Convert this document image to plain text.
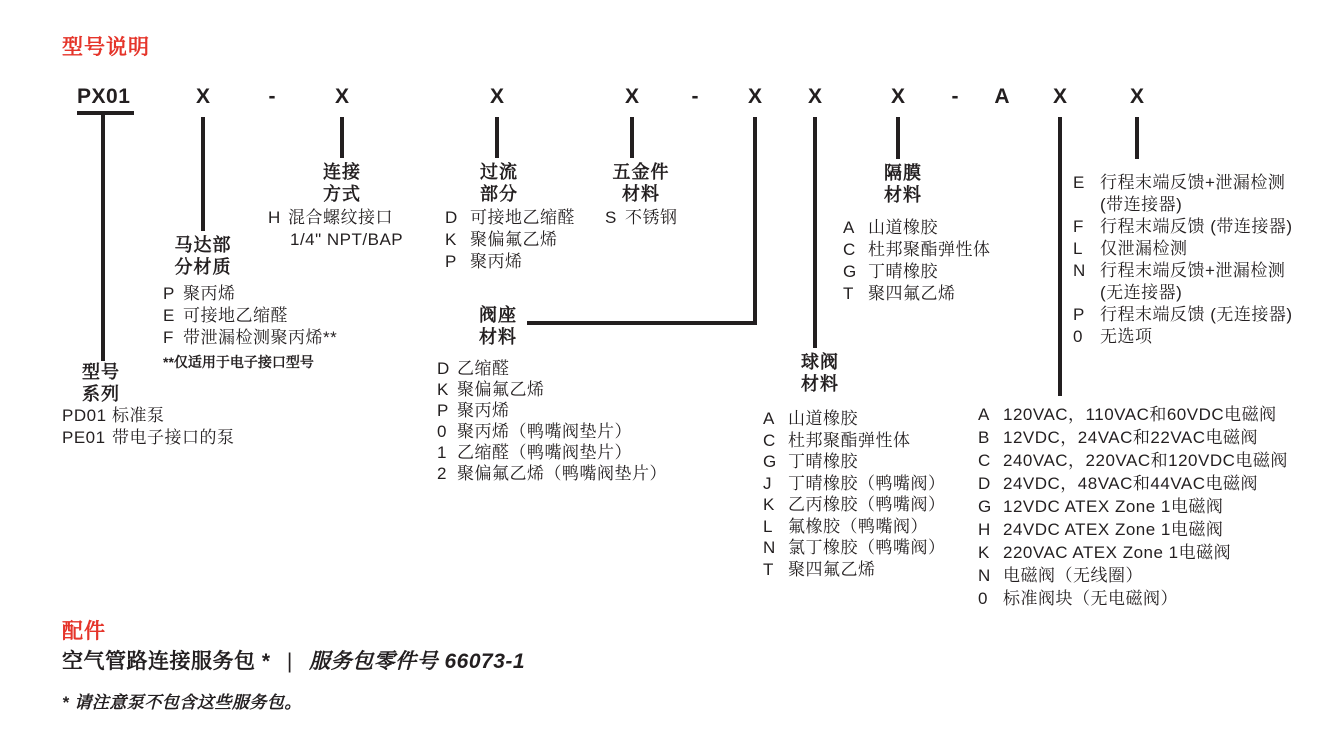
型号说明
PX01	X	-	X	X	X	-	X	X	X	-	A	X	X
连接
方式
H 混合螺纹接口
1/4" NPT/BAP
过流
部分
D 可接地乙缩醛
K 聚偏氟乙烯
P 聚丙烯
五金件
材料
S 不锈钢
马达部
分材质
P 聚丙烯
E 可接地乙缩醛
F 带泄漏检测聚丙烯**
**仅适用于电子接口型号
型号
系列
PD01 标准泵
PE01 带电子接口的泵
阀座
材料
D 乙缩醛
K 聚偏氟乙烯
P 聚丙烯
0 聚丙烯（鸭嘴阀垫片）
1 乙缩醛（鸭嘴阀垫片）
2 聚偏氟乙烯（鸭嘴阀垫片）
隔膜
材料
A 山道橡胶
C 杜邦聚酯弹性体
G 丁晴橡胶
T 聚四氟乙烯
球阀
材料
A 山道橡胶
C 杜邦聚酯弹性体
G 丁晴橡胶
J 丁晴橡胶（鸭嘴阀）
K 乙丙橡胶（鸭嘴阀）
L 氟橡胶（鸭嘴阀）
N 氯丁橡胶（鸭嘴阀）
T 聚四氟乙烯
A 120VAC，110VAC和60VDC电磁阀
B 12VDC，24VAC和22VAC电磁阀
C 240VAC，220VAC和120VDC电磁阀
D 24VDC，48VAC和44VAC电磁阀
G 12VDC ATEX Zone 1电磁阀
H 24VDC ATEX Zone 1电磁阀
K 220VAC ATEX Zone 1电磁阀
N 电磁阀（无线圈）
0 标准阀块（无电磁阀）
E 行程末端反馈+泄漏检测
(带连接器)
F 行程末端反馈 (带连接器)
L	仅泄漏检测
N 行程末端反馈+泄漏检测
(无连接器)
P 行程末端反馈 (无连接器)
0	无选项
配件
空气管路连接服务包 * | 服务包零件号 66073-1
* 请注意泵不包含这些服务包。
